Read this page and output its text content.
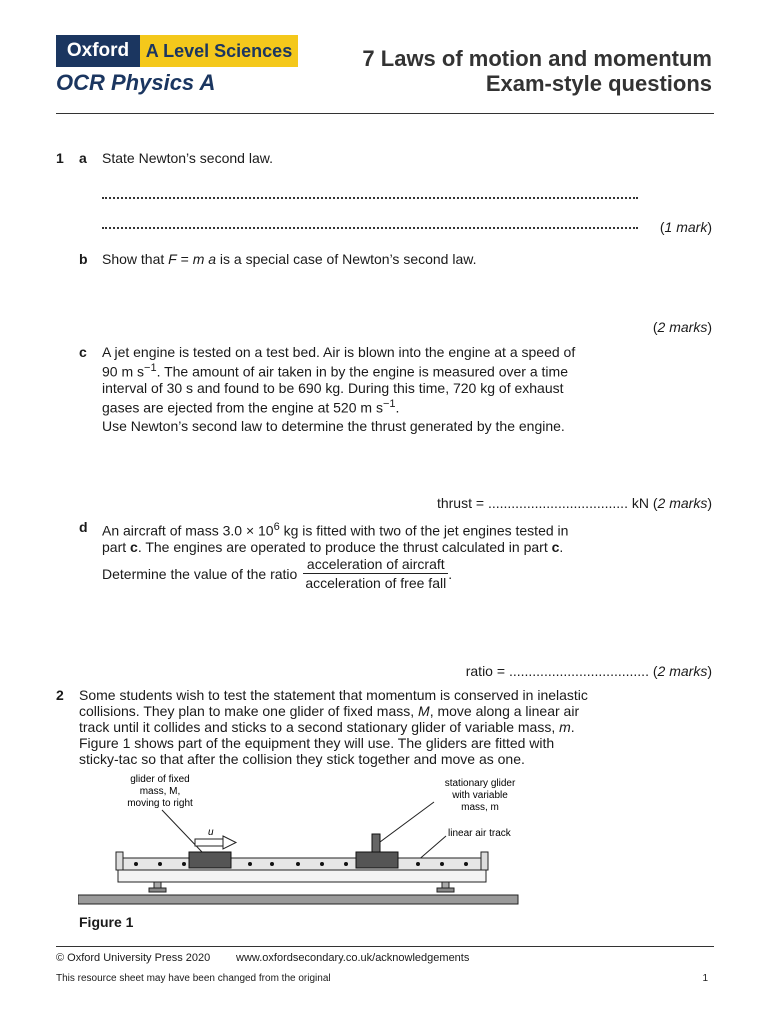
Oxford A Level Sciences
OCR Physics A
7 Laws of motion and momentum
Exam-style questions
1 a State Newton’s second law.
(1 mark)
b Show that F = m a is a special case of Newton’s second law.
(2 marks)
c A jet engine is tested on a test bed. Air is blown into the engine at a speed of
90 m $s^{-1}$. The amount of air taken in by the engine is measured over a time
interval of 30 s and found to be 690 kg. During this time, 720 kg of exhaust
gases are ejected from the engine at 520 m $s^{-1}$.
Use Newton’s second law to determine the thrust generated by the engine.
thrust = .................................... kN (2 marks)
d An aircraft of mass $3.0 \times 10^6$ kg is fitted with two of the jet engines tested in
part c. The engines are operated to produce the thrust calculated in part c.
Determine the value of the ratio $\frac{\text{acceleration of aircraft}}{\text{acceleration of free fall}}$ .
ratio = .................................... (2 marks)
2 Some students wish to test the statement that momentum is conserved in inelastic
collisions. They plan to make one glider of fixed mass, M, move along a linear air
track until it collides and sticks to a second stationary glider of variable mass, m.
Figure 1 shows part of the equipment they will use. The gliders are fitted with
sticky-tac so that after the collision they stick together and move as one.
glider of fixed
mass, M,
moving to right
stationary glider
with variable
mass, m
linear air track
u
Figure 1
© Oxford University Press 2020 www.oxfordsecondary.co.uk/acknowledgements
This resource sheet may have been changed from the original	1
